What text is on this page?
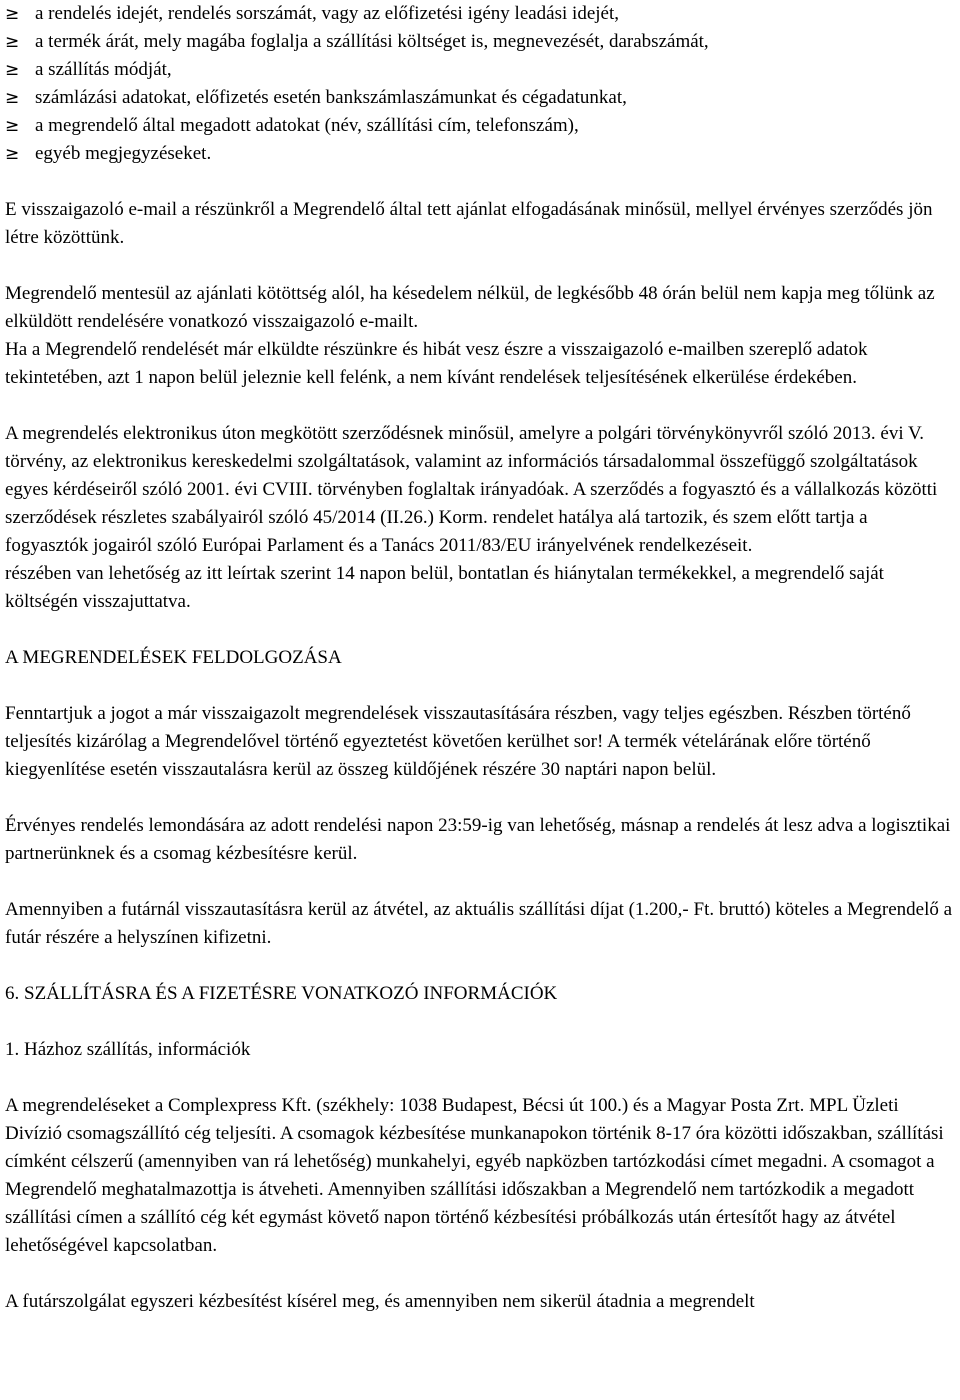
≥ a rendelés idejét, rendelés sorszámát, vagy az előfizetési igény leadási idejét,
≥ a termék árát, mely magába foglalja a szállítási költséget is, megnevezését, darabszámát,
≥ a szállítás módját,
≥ számlázási adatokat, előfizetés esetén bankszámlaszámunkat és cégadatunkat,
≥ a megrendelő által megadott adatokat (név, szállítási cím, telefonszám),
≥ egyéb megjegyzéseket.

E visszaigazoló e-mail a részünkről a Megrendelő által tett ajánlat elfogadásának minősül, mellyel érvényes szerződés jön létre közöttünk.

Megrendelő mentesül az ajánlati kötöttség alól, ha késedelem nélkül, de legkésőbb 48 órán belül nem kapja meg tőlünk az elküldött rendelésére vonatkozó visszaigazoló e-mailt.

Ha a Megrendelő rendelését már elküldte részünkre és hibát vesz észre a visszaigazoló e-mailben szereplő adatok tekintetében, azt 1 napon belül jeleznie kell felénk, a nem kívánt rendelések teljesítésének elkerülése érdekében.

A megrendelés elektronikus úton megkötött szerződésnek minősül, amelyre a polgári törvénykönyvről szóló 2013. évi V. törvény, az elektronikus kereskedelmi szolgáltatások, valamint az információs társadalommal összefüggő szolgáltatások egyes kérdéseiről szóló 2001. évi CVIII. törvényben foglaltak irányadóak. A szerződés a fogyasztó és a vállalkozás közötti szerződések részletes szabályairól szóló 45/2014 (II.26.) Korm. rendelet hatálya alá tartozik, és szem előtt tartja a fogyasztók jogairól szóló Európai Parlament és a Tanács 2011/83/EU irányelvének rendelkezéseit.

részében van lehetőség az itt leírtak szerint 14 napon belül, bontatlan és hiánytalan termékekkel, a megrendelő saját költségén visszajuttatva.

A MEGRENDELÉSEK FELDOLGOZÁSA

Fenntartjuk a jogot a már visszaigazolt megrendelések visszautasítására részben, vagy teljes egészben. Részben történő teljesítés kizárólag a Megrendelővel történő egyeztetést követően kerülhet sor! A termék vételárának előre történő kiegyenlítése esetén visszautalásra kerül az összeg küldőjének részére 30 naptári napon belül.

Érvényes rendelés lemondására az adott rendelési napon 23:59-ig van lehetőség, másnap a rendelés át lesz adva a logisztikai partnerünknek és a csomag kézbesítésre kerül.

Amennyiben a futárnál visszautasításra kerül az átvétel, az aktuális szállítási díjat (1.200,- Ft. bruttó) köteles a Megrendelő a futár részére a helyszínen kifizetni.

6. SZÁLLÍTÁSRA ÉS A FIZETÉSRE VONATKOZÓ INFORMÁCIÓK

1. Házhoz szállítás, információk

A megrendeléseket a Complexpress Kft. (székhely: 1038 Budapest, Bécsi út 100.) és a Magyar Posta Zrt. MPL Üzleti Divízió csomagszállító cég teljesíti. A csomagok kézbesítése munkanapokon történik 8-17 óra közötti időszakban, szállítási címként célszerű (amennyiben van rá lehetőség) munkahelyi, egyéb napközben tartózkodási címet megadni. A csomagot a Megrendelő meghatalmazottja is átveheti. Amennyiben szállítási időszakban a Megrendelő nem tartózkodik a megadott szállítási címen a szállító cég két egymást követő napon történő kézbesítési próbálkozás után értesítőt hagy az átvétel lehetőségével kapcsolatban.

A futárszolgálat egyszeri kézbesítést kísérel meg, és amennyiben nem sikerül átadnia a megrendelt
